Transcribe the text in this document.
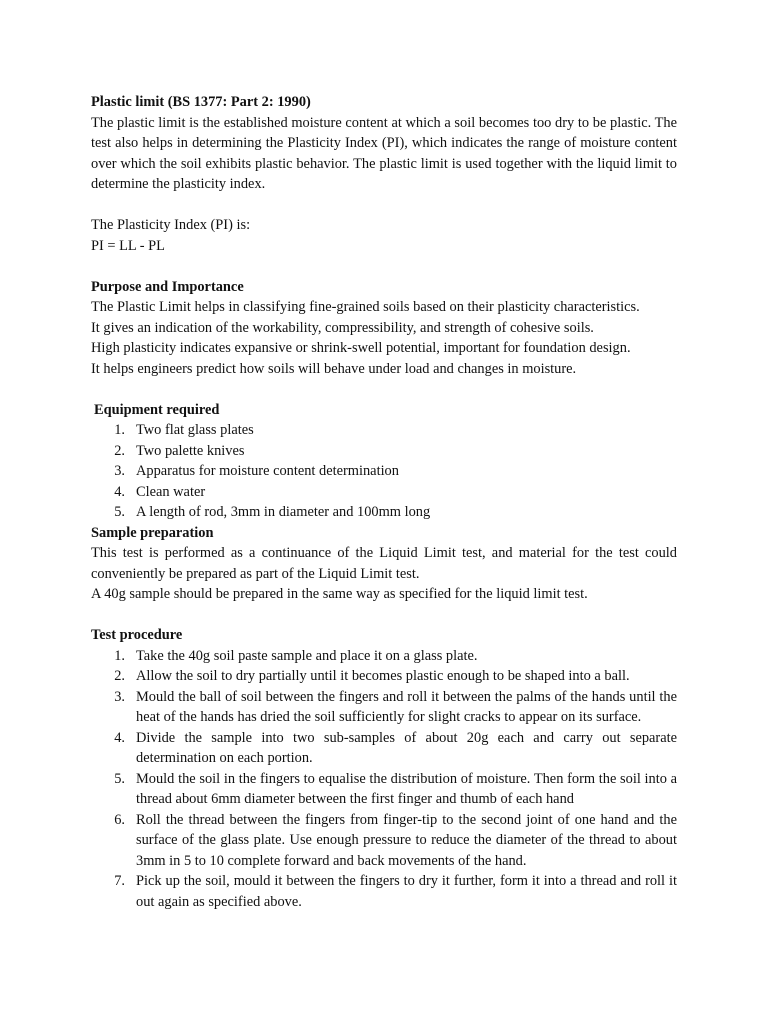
Plastic limit (BS 1377: Part 2: 1990)

The plastic limit is the established moisture content at which a soil becomes too dry to be plastic. The test also helps in determining the Plasticity Index (PI), which indicates the range of moisture content over which the soil exhibits plastic behavior. The plastic limit is used together with the liquid limit to determine the plasticity index.

The Plasticity Index (PI) is:

PI = LL - PL

Purpose and Importance

The Plastic Limit helps in classifying fine-grained soils based on their plasticity characteristics.

It gives an indication of the workability, compressibility, and strength of cohesive soils.

High plasticity indicates expansive or shrink-swell potential, important for foundation design.

It helps engineers predict how soils will behave under load and changes in moisture.

Equipment required

1. Two flat glass plates
2. Two palette knives
3. Apparatus for moisture content determination
4. Clean water
5. A length of rod, 3mm in diameter and 100mm long

Sample preparation

This test is performed as a continuance of the Liquid Limit test, and material for the test could conveniently be prepared as part of the Liquid Limit test.

A 40g sample should be prepared in the same way as specified for the liquid limit test.

Test procedure

1. Take the 40g soil paste sample and place it on a glass plate.
2. Allow the soil to dry partially until it becomes plastic enough to be shaped into a ball.
3. Mould the ball of soil between the fingers and roll it between the palms of the hands until the heat of the hands has dried the soil sufficiently for slight cracks to appear on its surface.
4. Divide the sample into two sub-samples of about 20g each and carry out separate determination on each portion.
5. Mould the soil in the fingers to equalise the distribution of moisture. Then form the soil into a thread about 6mm diameter between the first finger and thumb of each hand
6. Roll the thread between the fingers from finger-tip to the second joint of one hand and the surface of the glass plate. Use enough pressure to reduce the diameter of the thread to about 3mm in 5 to 10 complete forward and back movements of the hand.
7. Pick up the soil, mould it between the fingers to dry it further, form it into a thread and roll it out again as specified above.
